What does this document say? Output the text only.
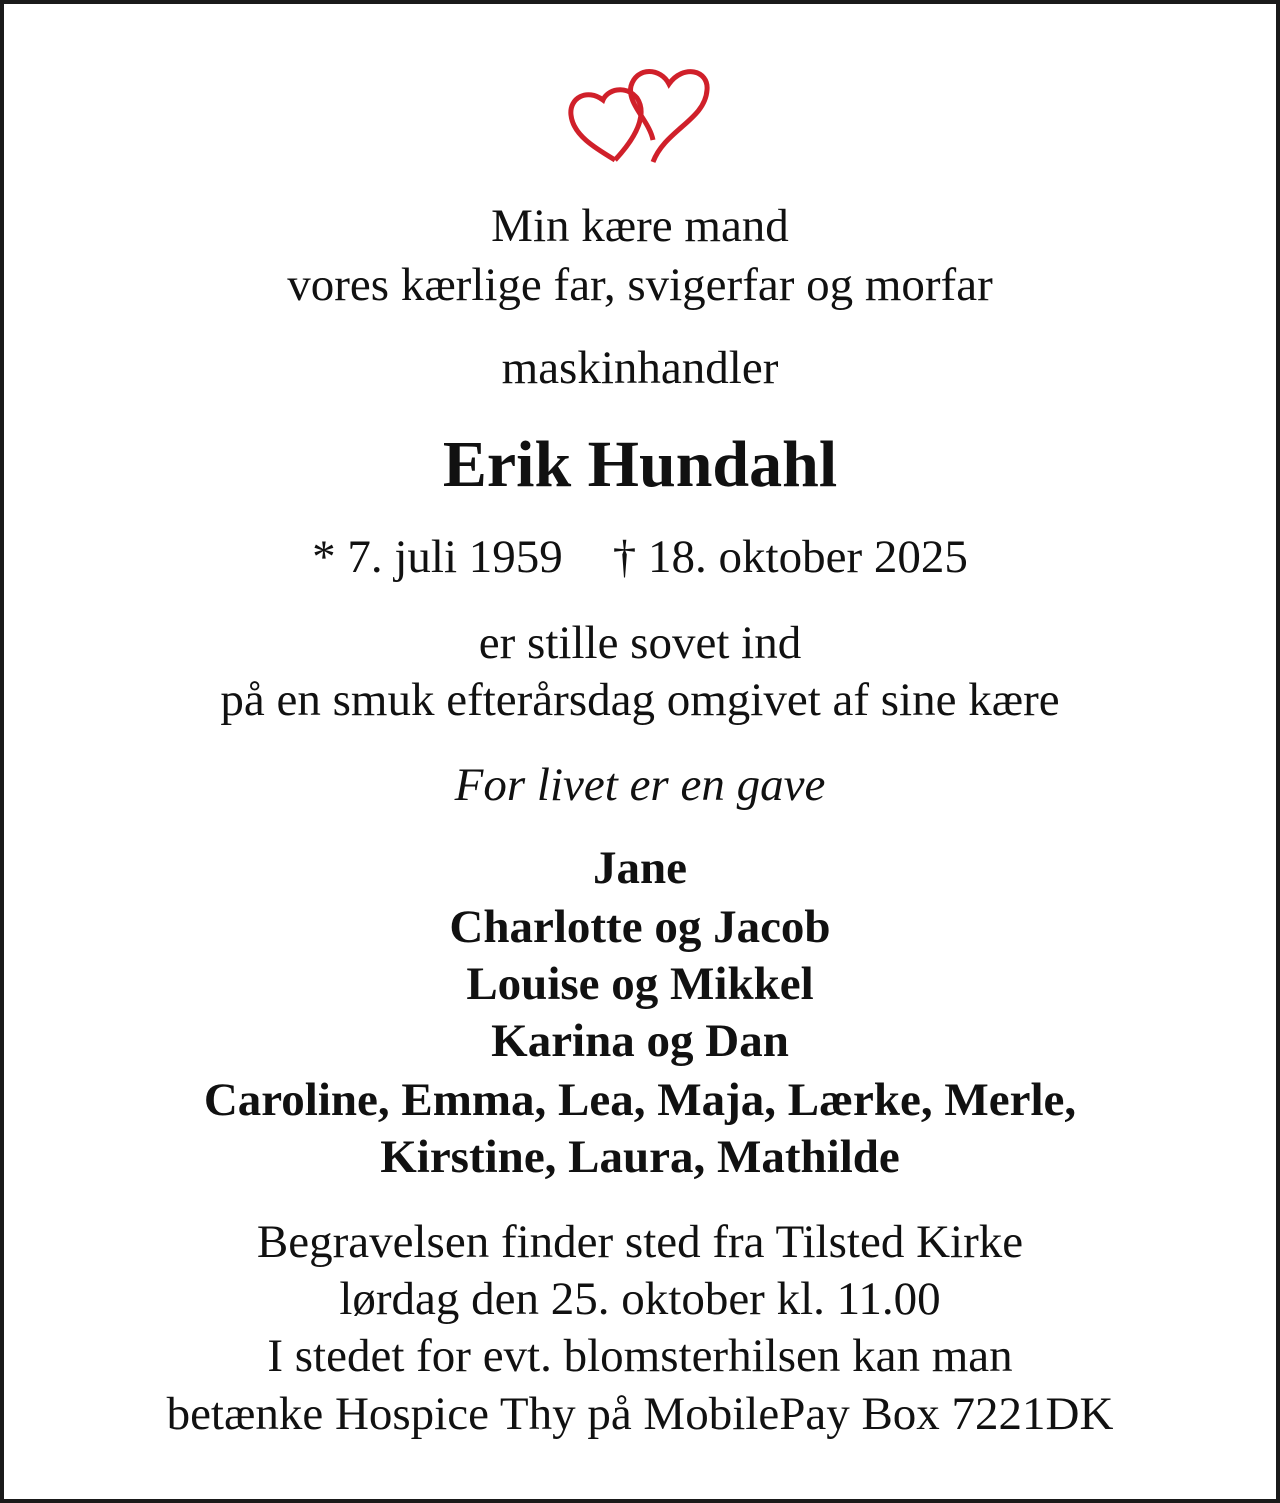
Min kære mand
vores kærlige far, svigerfar og morfar
maskinhandler
Erik Hundahl
* 7. juli 1959 † 18. oktober 2025
er stille sovet ind
på en smuk efterårsdag omgivet af sine kære
For livet er en gave
Jane
Charlotte og Jacob
Louise og Mikkel
Karina og Dan
Caroline, Emma, Lea, Maja, Lærke, Merle,
Kirstine, Laura, Mathilde
Begravelsen finder sted fra Tilsted Kirke
lørdag den 25. oktober kl. 11.00
I stedet for evt. blomsterhilsen kan man
betænke Hospice Thy på MobilePay Box 7221DK
